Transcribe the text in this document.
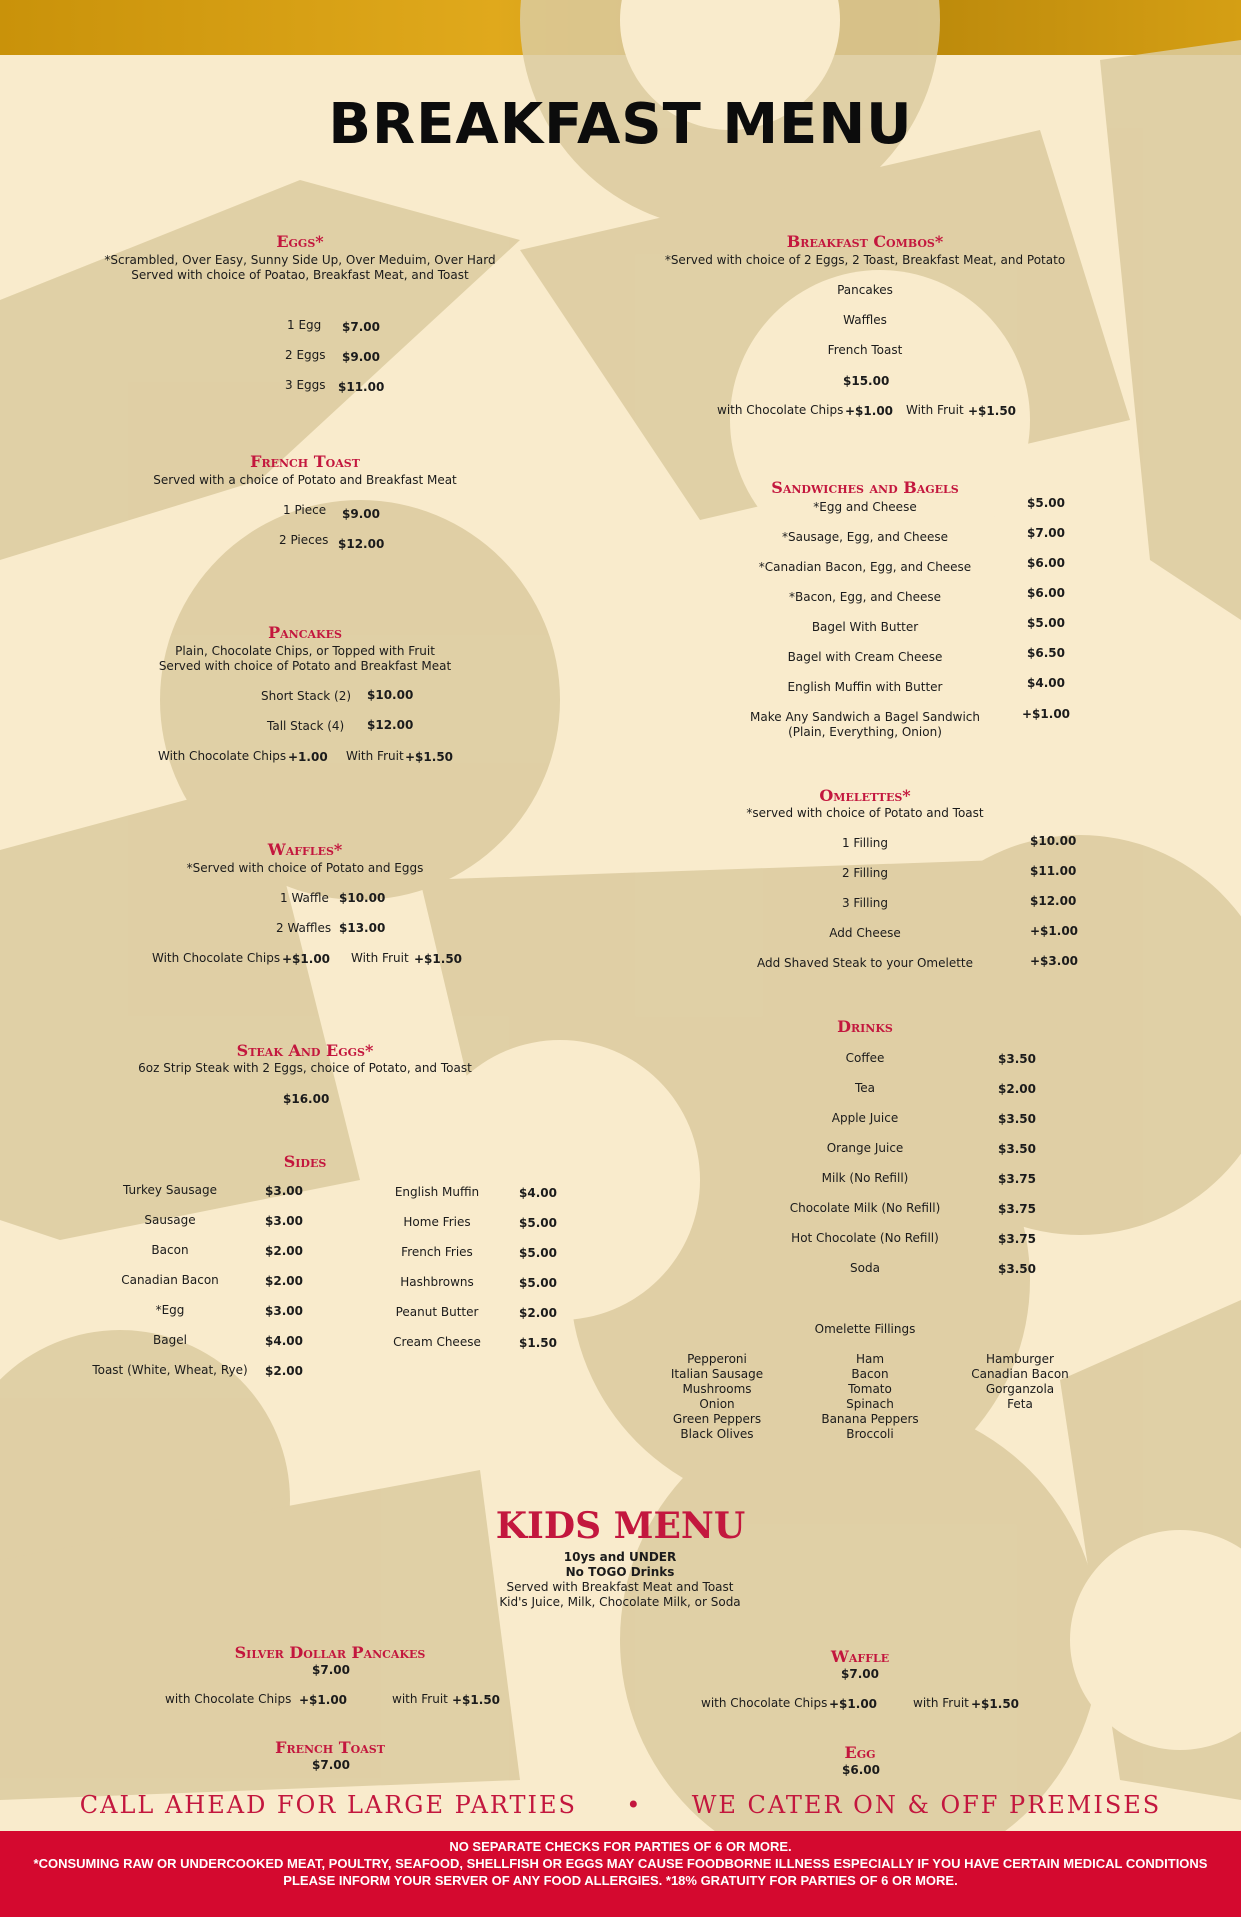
BREAKFAST MENU
Eggs*
*Scrambled, Over Easy, Sunny Side Up, Over Meduim, Over Hard
Served with choice of Poatao, Breakfast Meat, and Toast
1 Egg $7.00
2 Eggs $9.00
3 Eggs $11.00
French Toast
Served with a choice of Potato and Breakfast Meat
1 Piece $9.00
2 Pieces $12.00
Pancakes
Plain, Chocolate Chips, or Topped with Fruit
Served with choice of Potato and Breakfast Meat
Short Stack (2) $10.00
Tall Stack (4) $12.00
With Chocolate Chips +1.00 With Fruit +$1.50
Waffles*
*Served with choice of Potato and Eggs
1 Waffle $10.00
2 Waffles $13.00
With Chocolate Chips +$1.00 With Fruit +$1.50
Steak And Eggs*
6oz Strip Steak with 2 Eggs, choice of Potato, and Toast
$16.00
Sides
Turkey Sausage	$3.00
Sausage	$3.00
Bacon	$2.00
Canadian Bacon	$2.00
*Egg	$3.00
Bagel	$4.00
Toast (White, Wheat, Rye)	$2.00
English Muffin	$4.00
Home Fries	$5.00
French Fries	$5.00
Hashbrowns	$5.00
Peanut Butter	$2.00
Cream Cheese	$1.50
Breakfast Combos*
*Served with choice of 2 Eggs, 2 Toast, Breakfast Meat, and Potato
Pancakes
Waffles
French Toast
$15.00
with Chocolate Chips +$1.00 With Fruit +$1.50
Sandwiches and Bagels
*Egg and Cheese	$5.00
*Sausage, Egg, and Cheese	$7.00
*Canadian Bacon, Egg, and Cheese	$6.00
*Bacon, Egg, and Cheese	$6.00
Bagel With Butter	$5.00
Bagel with Cream Cheese	$6.50
English Muffin with Butter	$4.00
Make Any Sandwich a Bagel Sandwich
(Plain, Everything, Onion)
+$1.00
Omelettes*
*served with choice of Potato and Toast
1 Filling	$10.00
2 Filling	$11.00
3 Filling	$12.00
Add Cheese	+$1.00
Add Shaved Steak to your Omelette	+$3.00
Drinks
Coffee	$3.50
Tea	$2.00
Apple Juice	$3.50
Orange Juice	$3.50
Milk (No Refill)	$3.75
Chocolate Milk (No Refill)	$3.75
Hot Chocolate (No Refill)	$3.75
Soda	$3.50
Omelette Fillings
Pepperoni
Italian Sausage
Mushrooms
Onion
Green Peppers
Black Olives
Ham
Bacon
Tomato
Spinach
Banana Peppers
Broccoli
Hamburger
Canadian Bacon
Gorganzola
Feta
KIDS MENU
10ys and UNDER
No TOGO Drinks
Served with Breakfast Meat and Toast
Kid's Juice, Milk, Chocolate Milk, or Soda
Silver Dollar Pancakes
$7.00
with Chocolate Chips +$1.00	with Fruit +$1.50
French Toast
$7.00
Waffle
$7.00
with Chocolate Chips +$1.00	with Fruit +$1.50
Egg
$6.00
CALL AHEAD FOR LARGE PARTIES • WE CATER ON & OFF PREMISES
NO SEPARATE CHECKS FOR PARTIES OF 6 OR MORE.
*CONSUMING RAW OR UNDERCOOKED MEAT, POULTRY, SEAFOOD, SHELLFISH OR EGGS MAY CAUSE FOODBORNE ILLNESS ESPECIALLY IF YOU HAVE CERTAIN MEDICAL CONDITIONS
PLEASE INFORM YOUR SERVER OF ANY FOOD ALLERGIES. *18% GRATUITY FOR PARTIES OF 6 OR MORE.
